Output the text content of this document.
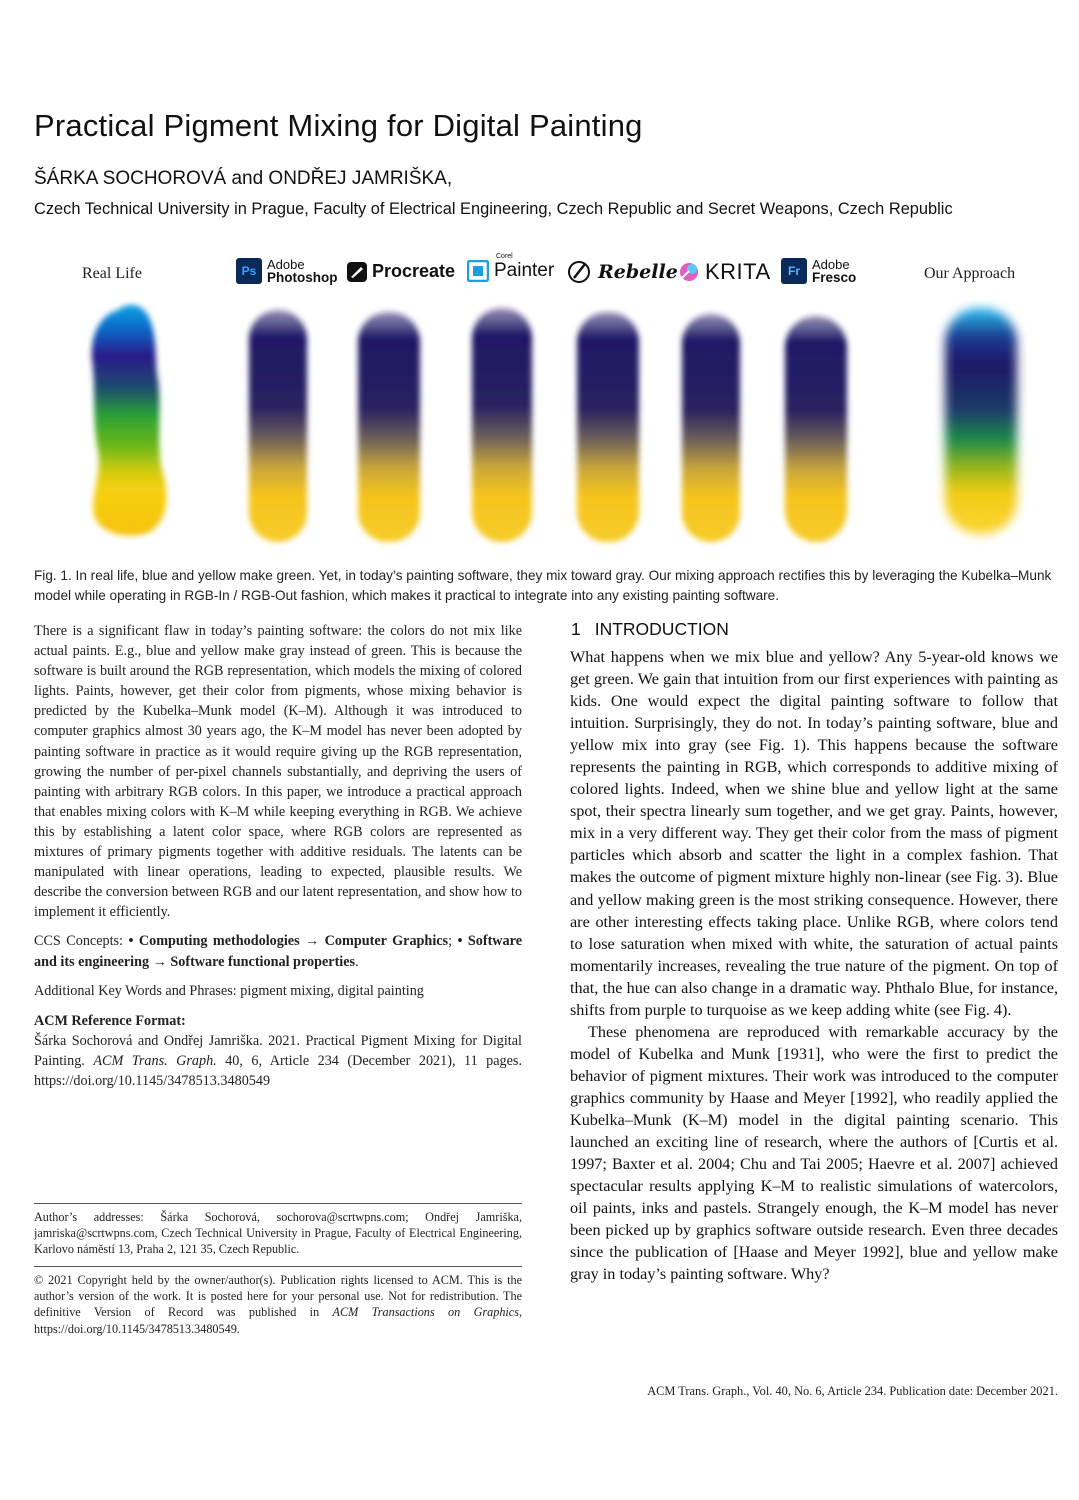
Practical Pigment Mixing for Digital Painting
ŠÁRKA SOCHOROVÁ and ONDŘEJ JAMRIŠKA,
Czech Technical University in Prague, Faculty of Electrical Engineering, Czech Republic and Secret Weapons, Czech Republic
Real Life	Ps Adobe
Photoshop Procreate
Corel
Painter Rebelle KRITA	Fr Adobe
Fresco	Our Approach
Fig. 1. In real life, blue and yellow make green. Yet, in today’s painting software, they mix toward gray. Our mixing approach rectifies this by leveraging the Kubelka–Munk model while operating in RGB-In / RGB-Out fashion, which makes it practical to integrate into any existing painting software.

There is a significant flaw in today’s painting software: the colors do not mix like actual paints. E.g., blue and yellow make gray instead of green. This is because the software is built around the RGB representation, which models the mixing of colored lights. Paints, however, get their color from pigments, whose mixing behavior is predicted by the Kubelka–Munk model (K–M). Although it was introduced to computer graphics almost 30 years ago, the K–M model has never been adopted by painting software in practice as it would require giving up the RGB representation, growing the number of per-pixel channels substantially, and depriving the users of painting with arbitrary RGB colors. In this paper, we introduce a practical approach that enables mixing colors with K–M while keeping everything in RGB. We achieve this by establishing a latent color space, where RGB colors are represented as mixtures of primary pigments together with additive residuals. The latents can be manipulated with linear operations, leading to expected, plausible results. We describe the conversion between RGB and our latent representation, and show how to implement it efficiently.

CCS Concepts: • Computing methodologies → Computer Graphics; • Software and its engineering → Software functional properties.

Additional Key Words and Phrases: pigment mixing, digital painting

ACM Reference Format:

Šárka Sochorová and Ondřej Jamriška. 2021. Practical Pigment Mixing for Digital Painting. ACM Trans. Graph. 40, 6, Article 234 (December 2021), 11 pages. https://doi.org/10.1145/3478513.3480549

Author’s addresses: Šárka Sochorová, sochorova@scrtwpns.com; Ondřej Jamriška, jamriska@scrtwpns.com, Czech Technical University in Prague, Faculty of Electrical Engineering, Karlovo náměstí 13, Praha 2, 121 35, Czech Republic.
© 2021 Copyright held by the owner/author(s). Publication rights licensed to ACM. This is the author’s version of the work. It is posted here for your personal use. Not for redistribution. The definitive Version of Record was published in ACM Transactions on Graphics, https://doi.org/10.1145/3478513.3480549.
1 INTRODUCTION

What happens when we mix blue and yellow? Any 5-year-old knows we get green. We gain that intuition from our first experiences with painting as kids. One would expect the digital painting software to follow that intuition. Surprisingly, they do not. In today’s painting software, blue and yellow mix into gray (see Fig. 1). This happens because the software represents the painting in RGB, which corresponds to additive mixing of colored lights. Indeed, when we shine blue and yellow light at the same spot, their spectra linearly sum together, and we get gray. Paints, however, mix in a very different way. They get their color from the mass of pigment particles which absorb and scatter the light in a complex fashion. That makes the outcome of pigment mixture highly non-linear (see Fig. 3). Blue and yellow making green is the most striking consequence. However, there are other interesting effects taking place. Unlike RGB, where colors tend to lose saturation when mixed with white, the saturation of actual paints momentarily increases, revealing the true nature of the pigment. On top of that, the hue can also change in a dramatic way. Phthalo Blue, for instance, shifts from purple to turquoise as we keep adding white (see Fig. 4).

These phenomena are reproduced with remarkable accuracy by the model of Kubelka and Munk [1931], who were the first to predict the behavior of pigment mixtures. Their work was introduced to the computer graphics community by Haase and Meyer [1992], who readily applied the Kubelka–Munk (K–M) model in the digital painting scenario. This launched an exciting line of research, where the authors of [Curtis et al. 1997; Baxter et al. 2004; Chu and Tai 2005; Haevre et al. 2007] achieved spectacular results applying K–M to realistic simulations of watercolors, oil paints, inks and pastels. Strangely enough, the K–M model has never been picked up by graphics software outside research. Even three decades since the publication of [Haase and Meyer 1992], blue and yellow make gray in today’s painting software. Why?

ACM Trans. Graph., Vol. 40, No. 6, Article 234. Publication date: December 2021.
